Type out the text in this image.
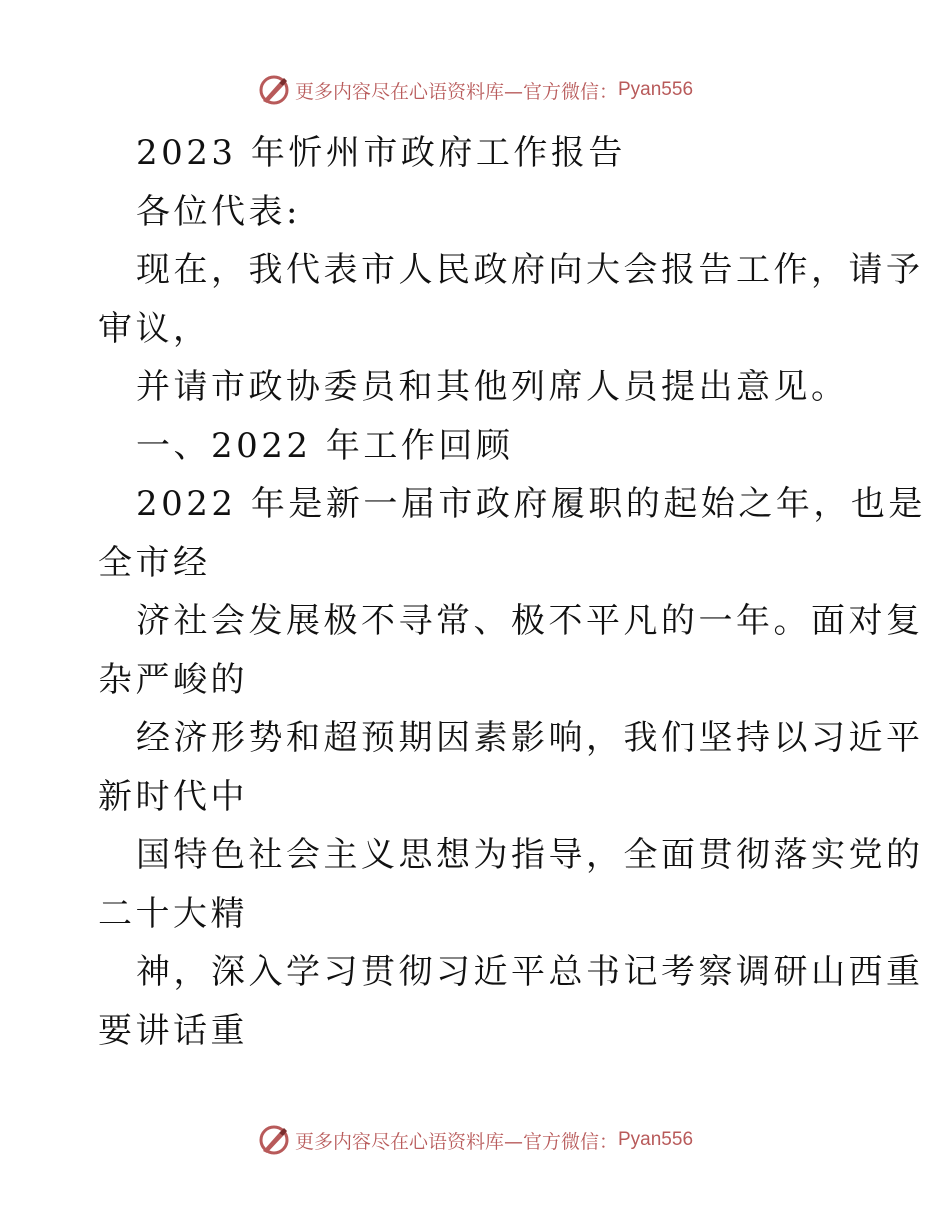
更多内容尽在心语资料库—官方微信： Pyan556
2023 年忻州市政府工作报告
各位代表:
现在，我代表市人民政府向大会报告工作，请予
审议，
并请市政协委员和其他列席人员提出意见。
一、2022 年工作回顾
2022 年是新一届市政府履职的起始之年，也是
全市经
济社会发展极不寻常、极不平凡的一年。面对复
杂严峻的
经济形势和超预期因素影响，我们坚持以习近平
新时代中
国特色社会主义思想为指导，全面贯彻落实党的
二十大精
神，深入学习贯彻习近平总书记考察调研山西重
要讲话重
更多内容尽在心语资料库—官方微信： Pyan556
